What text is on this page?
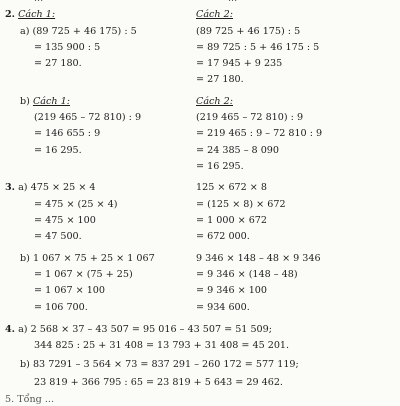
2. Cách 1:	Cách 2:
a) (89 725 + 46 175) : 5
= 135 900 : 5
= 27 180.
(89 725 + 46 175) : 5
= 89 725 : 5 + 46 175 : 5
= 17 945 + 9 235
= 27 180.
b) Cách 1:	Cách 2:
(219 465 – 72 810) : 9
= 146 655 : 9
= 16 295.
(219 465 – 72 810) : 9
= 219 465 : 9 – 72 810 : 9
= 24 385 – 8 090
= 16 295.
3. a) 475 × 25 × 4
= 475 × (25 × 4)
= 475 × 100
= 47 500.
125 × 672 × 8
= (125 × 8) × 672
= 1 000 × 672
= 672 000.
b) 1 067 × 75 + 25 × 1 067
= 1 067 × (75 + 25)
= 1 067 × 100
= 106 700.
9 346 × 148 – 48 × 9 346
= 9 346 × (148 – 48)
= 9 346 × 100
= 934 600.
4. a) 2 568 × 37 – 43 507 = 95 016 – 43 507 = 51 509;
344 825 : 25 + 31 408 = 13 793 + 31 408 = 45 201.
b) 83 7291 – 3 564 × 73 = 837 291 – 260 172 = 577 119;
23 819 + 366 795 : 65 = 23 819 + 5 643 = 29 462.
5. Tổng ...
